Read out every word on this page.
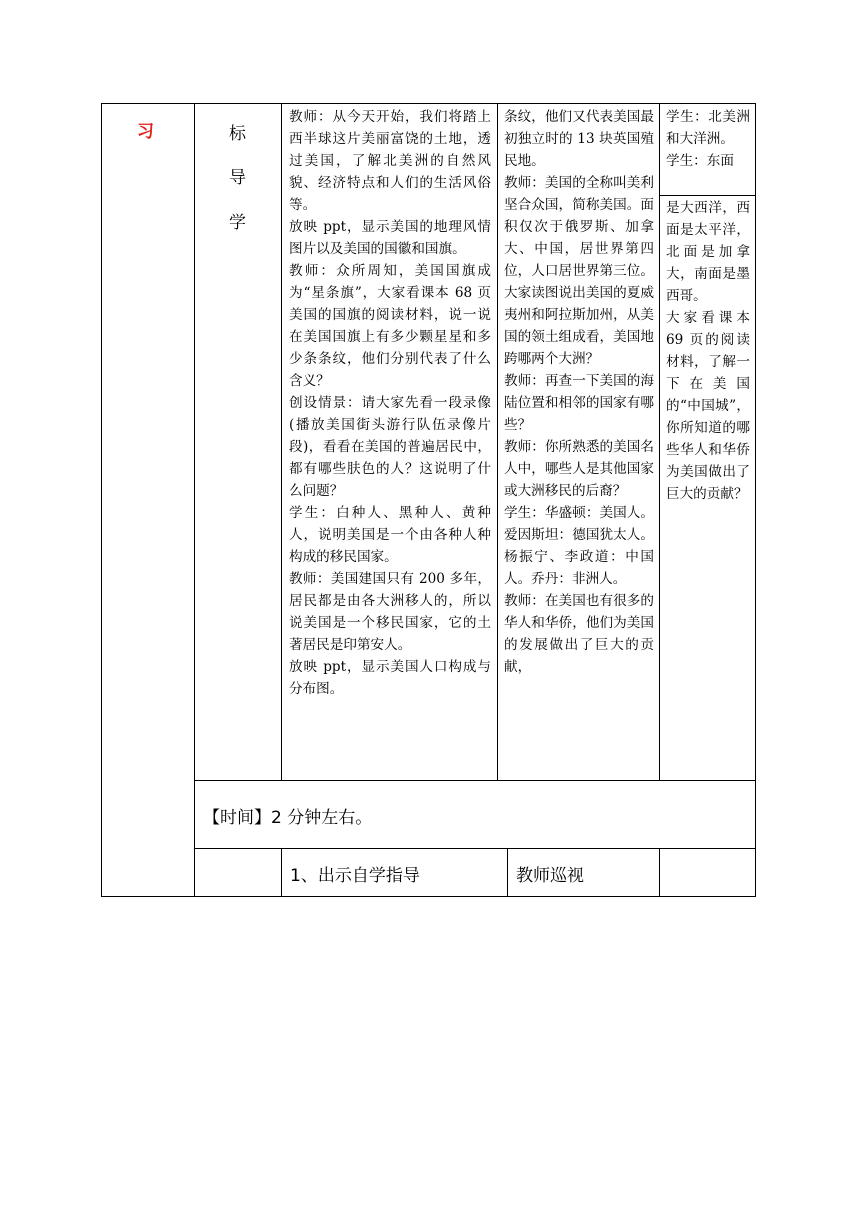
习	标
导
学

教师：从今天开始，我们将踏上西半球这片美丽富饶的土地，透过美国，了解北美洲的自然风貌、经济特点和人们的生活风俗等。

放映 ppt，显示美国的地理风情图片以及美国的国徽和国旗。

教师：众所周知，美国国旗成为“星条旗”，大家看课本 68 页美国的国旗的阅读材料，说一说在美国国旗上有多少颗星星和多少条条纹，他们分别代表了什么含义？

创设情景：请大家先看一段录像(播放美国街头游行队伍录像片段)，看看在美国的普遍居民中，都有哪些肤色的人？这说明了什么问题？

学生：白种人、黑种人、黄种人，说明美国是一个由各种人种构成的移民国家。

教师：美国建国只有 200 多年，居民都是由各大洲移人的，所以说美国是一个移民国家，它的土著居民是印第安人。

放映 ppt，显示美国人口构成与分布图。

条纹，他们又代表美国最初独立时的 13 块英国殖民地。

教师：美国的全称叫美利坚合众国，简称美国。面积仅次于俄罗斯、加拿大、中国，居世界第四位，人口居世界第三位。大家读图说出美国的夏威夷州和阿拉斯加州，从美国的领土组成看，美国地跨哪两个大洲？

教师：再查一下美国的海陆位置和相邻的国家有哪些？

教师：你所熟悉的美国名人中，哪些人是其他国家或大洲移民的后裔？

学生：华盛顿：美国人。爱因斯坦：德国犹太人。杨振宁、李政道：中国人。乔丹：非洲人。

教师：在美国也有很多的华人和华侨，他们为美国的发展做出了巨大的贡献，

学生：北美洲和大洋洲。

学生：东面

是大西洋，西面是太平洋，北面是加拿大，南面是墨西哥。

大家看课本 69 页的阅读材料，了解一下在美国的“中国城”，你所知道的哪些华人和华侨为美国做出了巨大的贡献？

【时间】2 分钟左右。
1、出示自学指导	教师巡视
